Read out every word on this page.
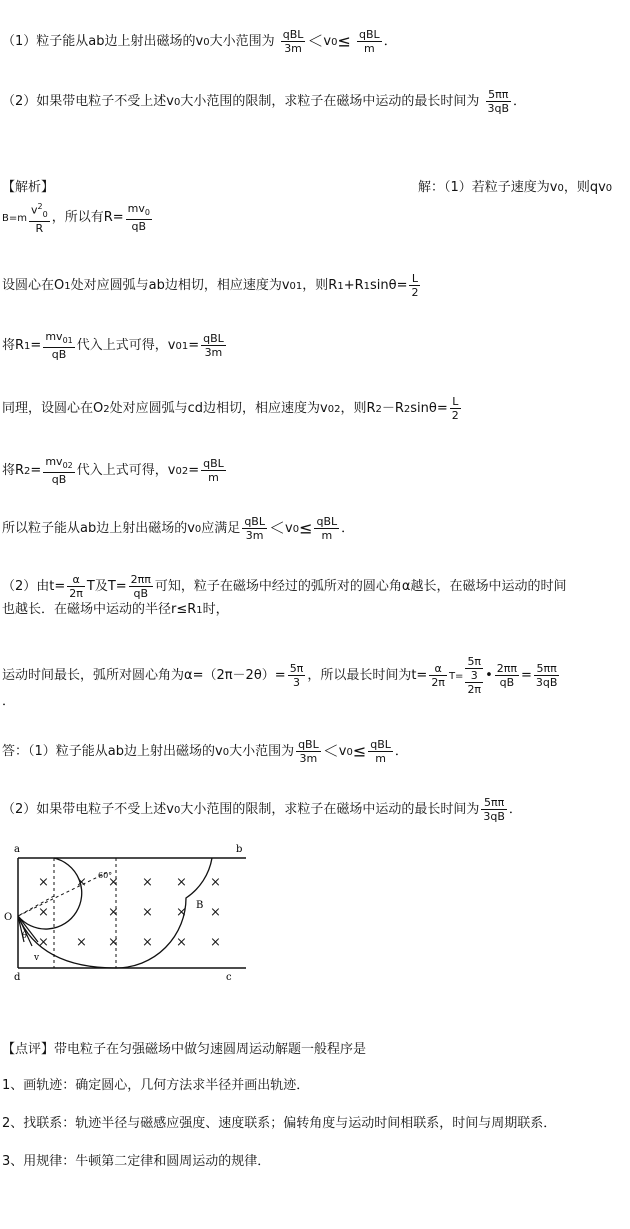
（1）粒子能从ab边上射出磁场的v0大小范围为 $\frac{\text{qBL}}{3m} <v0\le \frac{\text{qBL}}{m}$ ．
（2）如果带电粒子不受上述v0大小范围的限制，求粒子在磁场中运动的最长时间为 $\frac{5\pi\pi}{3qB}$ ．
【解析】	解：（1）若粒子速度为v0，则qv0
$B=m \frac{v^2_0}{R}$ ，所以有$R= \frac{mv_0}{qB}$
设圆心在O1处对应圆弧与ab边相切，相应速度为v01，则$R1+R1\sin\theta= \frac{L}{2}$
将$R1= \frac{mv_{01}}{qB}$ 代入上式可得，$v01= \frac{\text{qBL}}{3m}$
同理，设圆心在O2处对应圆弧与cd边相切，相应速度为v02，则$R2-R2\sin\theta= \frac{L}{2}$
将$R2= \frac{mv_{02}}{qB}$ 代入上式可得，$v02= \frac{\text{qBL}}{m}$
所以粒子能从ab边上射出磁场的v0应满足 $\frac{\text{qBL}}{3m} <v0\le \frac{\text{qBL}}{m}$ ．
（2）由$t= \frac{\alpha}{2\pi}$ T及$T= \frac{2\pi\pi}{qB}$ 可知，粒子在磁场中经过的弧所对的圆心角α越长，在磁场中运动的时间
也越长．在磁场中运动的半径r≤R1时，
运动时间最长，弧所对圆心角为$\alpha=(2\pi-2\theta)= \frac{5\pi}{3}$ ，所以最长时间为$t= \frac{\alpha}{2\pi} T=$
5π
3
2π
• $\frac{2\pi\pi}{qB} = \frac{5\pi\pi}{3qB}$
．
答：（1）粒子能从ab边上射出磁场的v0大小范围为 $\frac{\text{qBL}}{3m} <v0\le \frac{\text{qBL}}{m}$ ．
（2）如果带电粒子不受上述v0大小范围的限制，求粒子在磁场中运动的最长时间为 $\frac{5\pi\pi}{3qB}$ ．
× × × × × ×
×	× × × ×
× × × × × ×
a	b
O
d	c
B
60°
v
θ
【点评】带电粒子在匀强磁场中做匀速圆周运动解题一般程序是
1、画轨迹：确定圆心，几何方法求半径并画出轨迹．
2、找联系：轨迹半径与磁感应强度、速度联系；偏转角度与运动时间相联系，时间与周期联系．
3、用规律：牛顿第二定律和圆周运动的规律．
